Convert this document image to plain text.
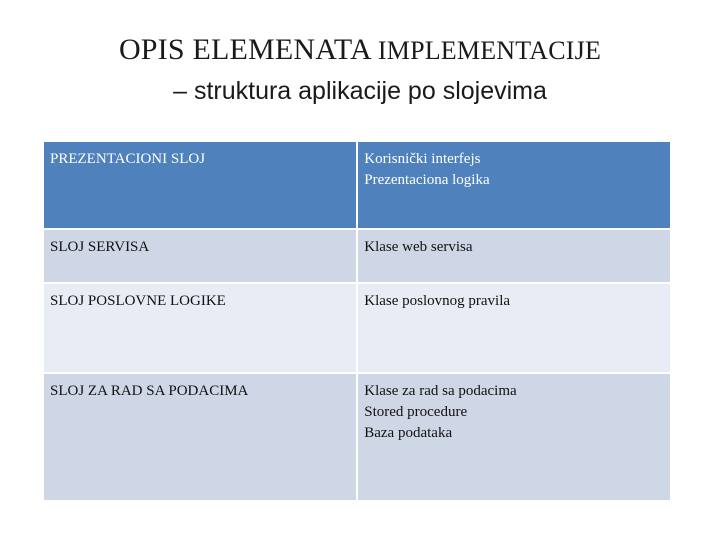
OPIS ELEMENATA IMPLEMENTACIJE
– struktura aplikacije po slojevima
PREZENTACIONI SLOJ	Korisnički interfejs
Prezentaciona logika

SLOJ SERVISA	Klase web servisa

SLOJ POSLOVNE LOGIKE	Klase poslovnog pravila

SLOJ ZA RAD SA PODACIMA	Klase za rad sa podacima
Stored procedure
Baza podataka
